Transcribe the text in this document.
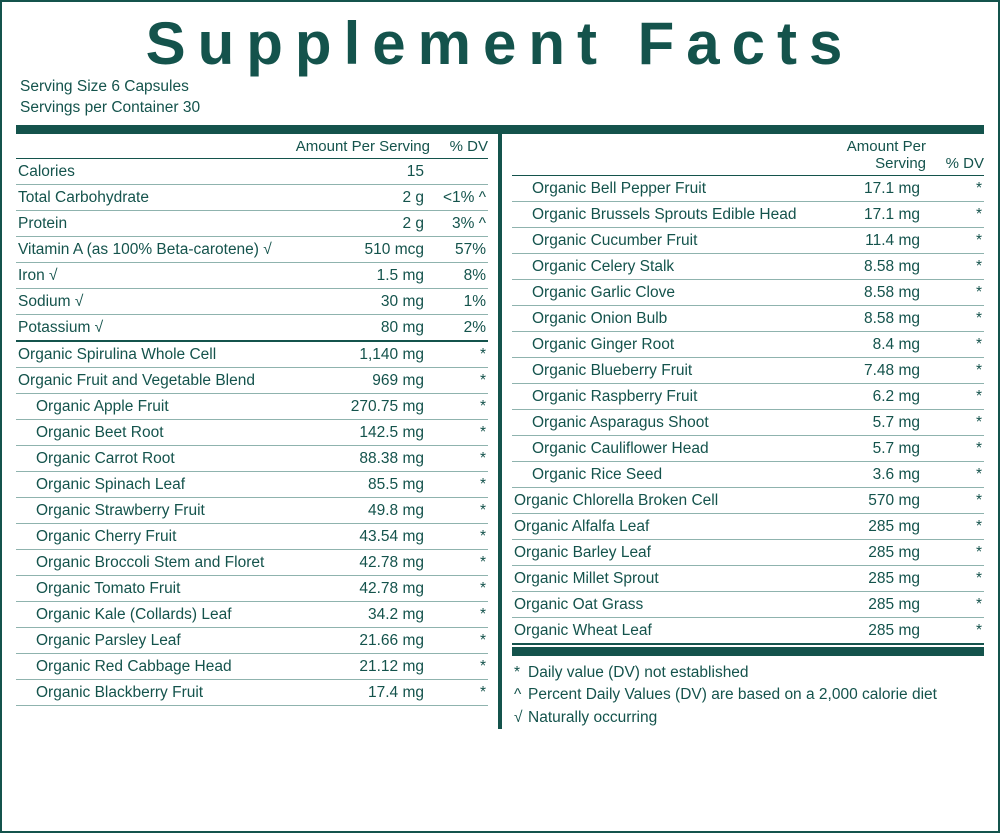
Supplement Facts
Serving Size 6 Capsules
Servings per Container 30
	Amount Per Serving	% DV
Calories	15	
Total Carbohydrate	2 g	<1% ^
Protein	2 g	3% ^
Vitamin A (as 100% Beta-carotene) √	510 mcg	57%
Iron √	1.5 mg	8%
Sodium √	30 mg	1%
Potassium √	80 mg	2%
Organic Spirulina Whole Cell	1,140 mg	*
Organic Fruit and Vegetable Blend	969 mg	*
Organic Apple Fruit	270.75 mg	*
Organic Beet Root	142.5 mg	*
Organic Carrot Root	88.38 mg	*
Organic Spinach Leaf	85.5 mg	*
Organic Strawberry Fruit	49.8 mg	*
Organic Cherry Fruit	43.54 mg	*
Organic Broccoli Stem and Floret	42.78 mg	*
Organic Tomato Fruit	42.78 mg	*
Organic Kale (Collards) Leaf	34.2 mg	*
Organic Parsley Leaf	21.66 mg	*
Organic Red Cabbage Head	21.12 mg	*
Organic Blackberry Fruit	17.4 mg	*
	Amount Per Serving	% DV
Organic Bell Pepper Fruit	17.1 mg	*
Organic Brussels Sprouts Edible Head	17.1 mg	*
Organic Cucumber Fruit	11.4 mg	*
Organic Celery Stalk	8.58 mg	*
Organic Garlic Clove	8.58 mg	*
Organic Onion Bulb	8.58 mg	*
Organic Ginger Root	8.4 mg	*
Organic Blueberry Fruit	7.48 mg	*
Organic Raspberry Fruit	6.2 mg	*
Organic Asparagus Shoot	5.7 mg	*
Organic Cauliflower Head	5.7 mg	*
Organic Rice Seed	3.6 mg	*
Organic Chlorella Broken Cell	570 mg	*
Organic Alfalfa Leaf	285 mg	*
Organic Barley Leaf	285 mg	*
Organic Millet Sprout	285 mg	*
Organic Oat Grass	285 mg	*
Organic Wheat Leaf	285 mg	*
* Daily value (DV) not established
^ Percent Daily Values (DV) are based on a 2,000 calorie diet
√ Naturally occurring
